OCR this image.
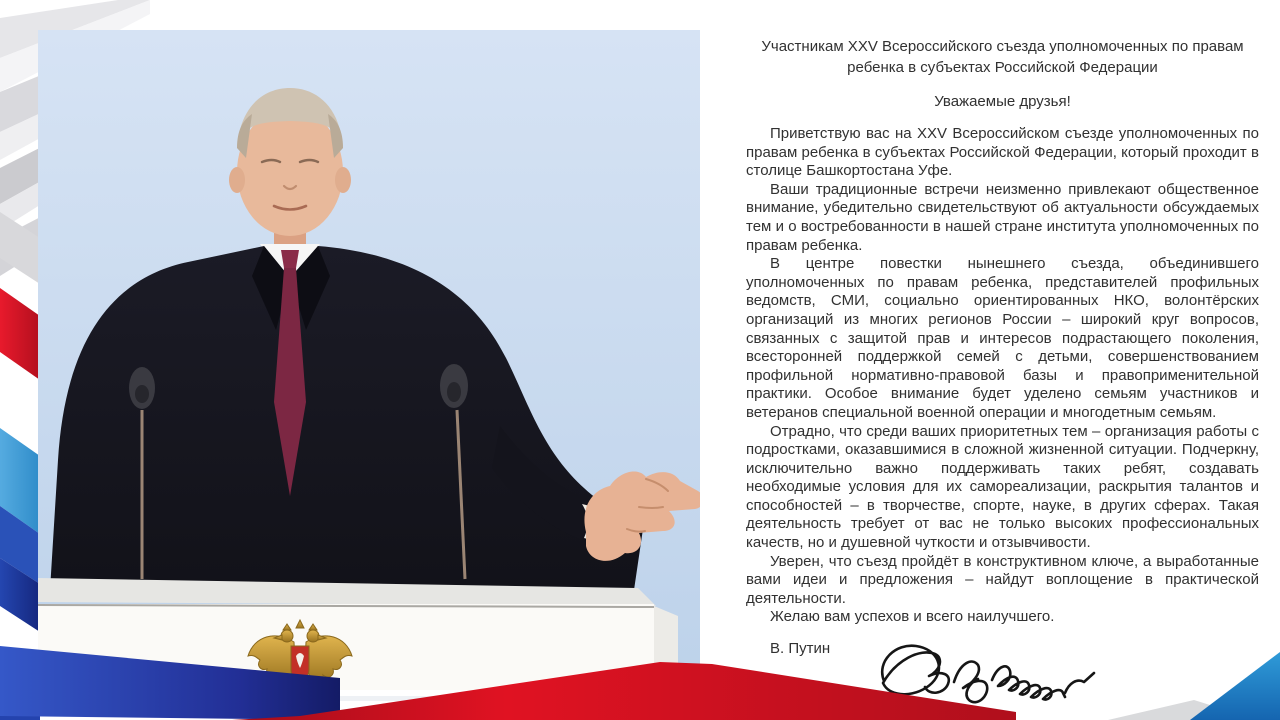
Участникам XXV Всероссийского съезда уполномоченных по правам ребенка в субъектах Российской Федерации

Уважаемые друзья!

Приветствую вас на XXV Всероссийском съезде уполномоченных по правам ребенка в субъектах Российской Федерации, который проходит в столице Башкортостана Уфе.

Ваши традиционные встречи неизменно привлекают общественное внимание, убедительно свидетельствуют об актуальности обсуждаемых тем и о востребованности в нашей стране института уполномоченных по правам ребенка.

В центре повестки нынешнего съезда, объединившего уполномоченных по правам ребенка, представителей профильных ведомств, СМИ, социально ориентированных НКО, волонтёрских организаций из многих регионов России – широкий круг вопросов, связанных с защитой прав и интересов подрастающего поколения, всесторонней поддержкой семей с детьми, совершенствованием профильной нормативно-правовой базы и правоприменительной практики. Особое внимание будет уделено семьям участников и ветеранов специальной военной операции и многодетным семьям.

Отрадно, что среди ваших приоритетных тем – организация работы с подростками, оказавшимися в сложной жизненной ситуации. Подчеркну, исключительно важно поддерживать таких ребят, создавать необходимые условия для их самореализации, раскрытия талантов и способностей – в творчестве, спорте, науке, в других сферах. Такая деятельность требует от вас не только высоких профессиональных качеств, но и душевной чуткости и отзывчивости.

Уверен, что съезд пройдёт в конструктивном ключе, а выработанные вами идеи и предложения – найдут воплощение в практической деятельности.

Желаю вам успехов и всего наилучшего.

В. Путин
